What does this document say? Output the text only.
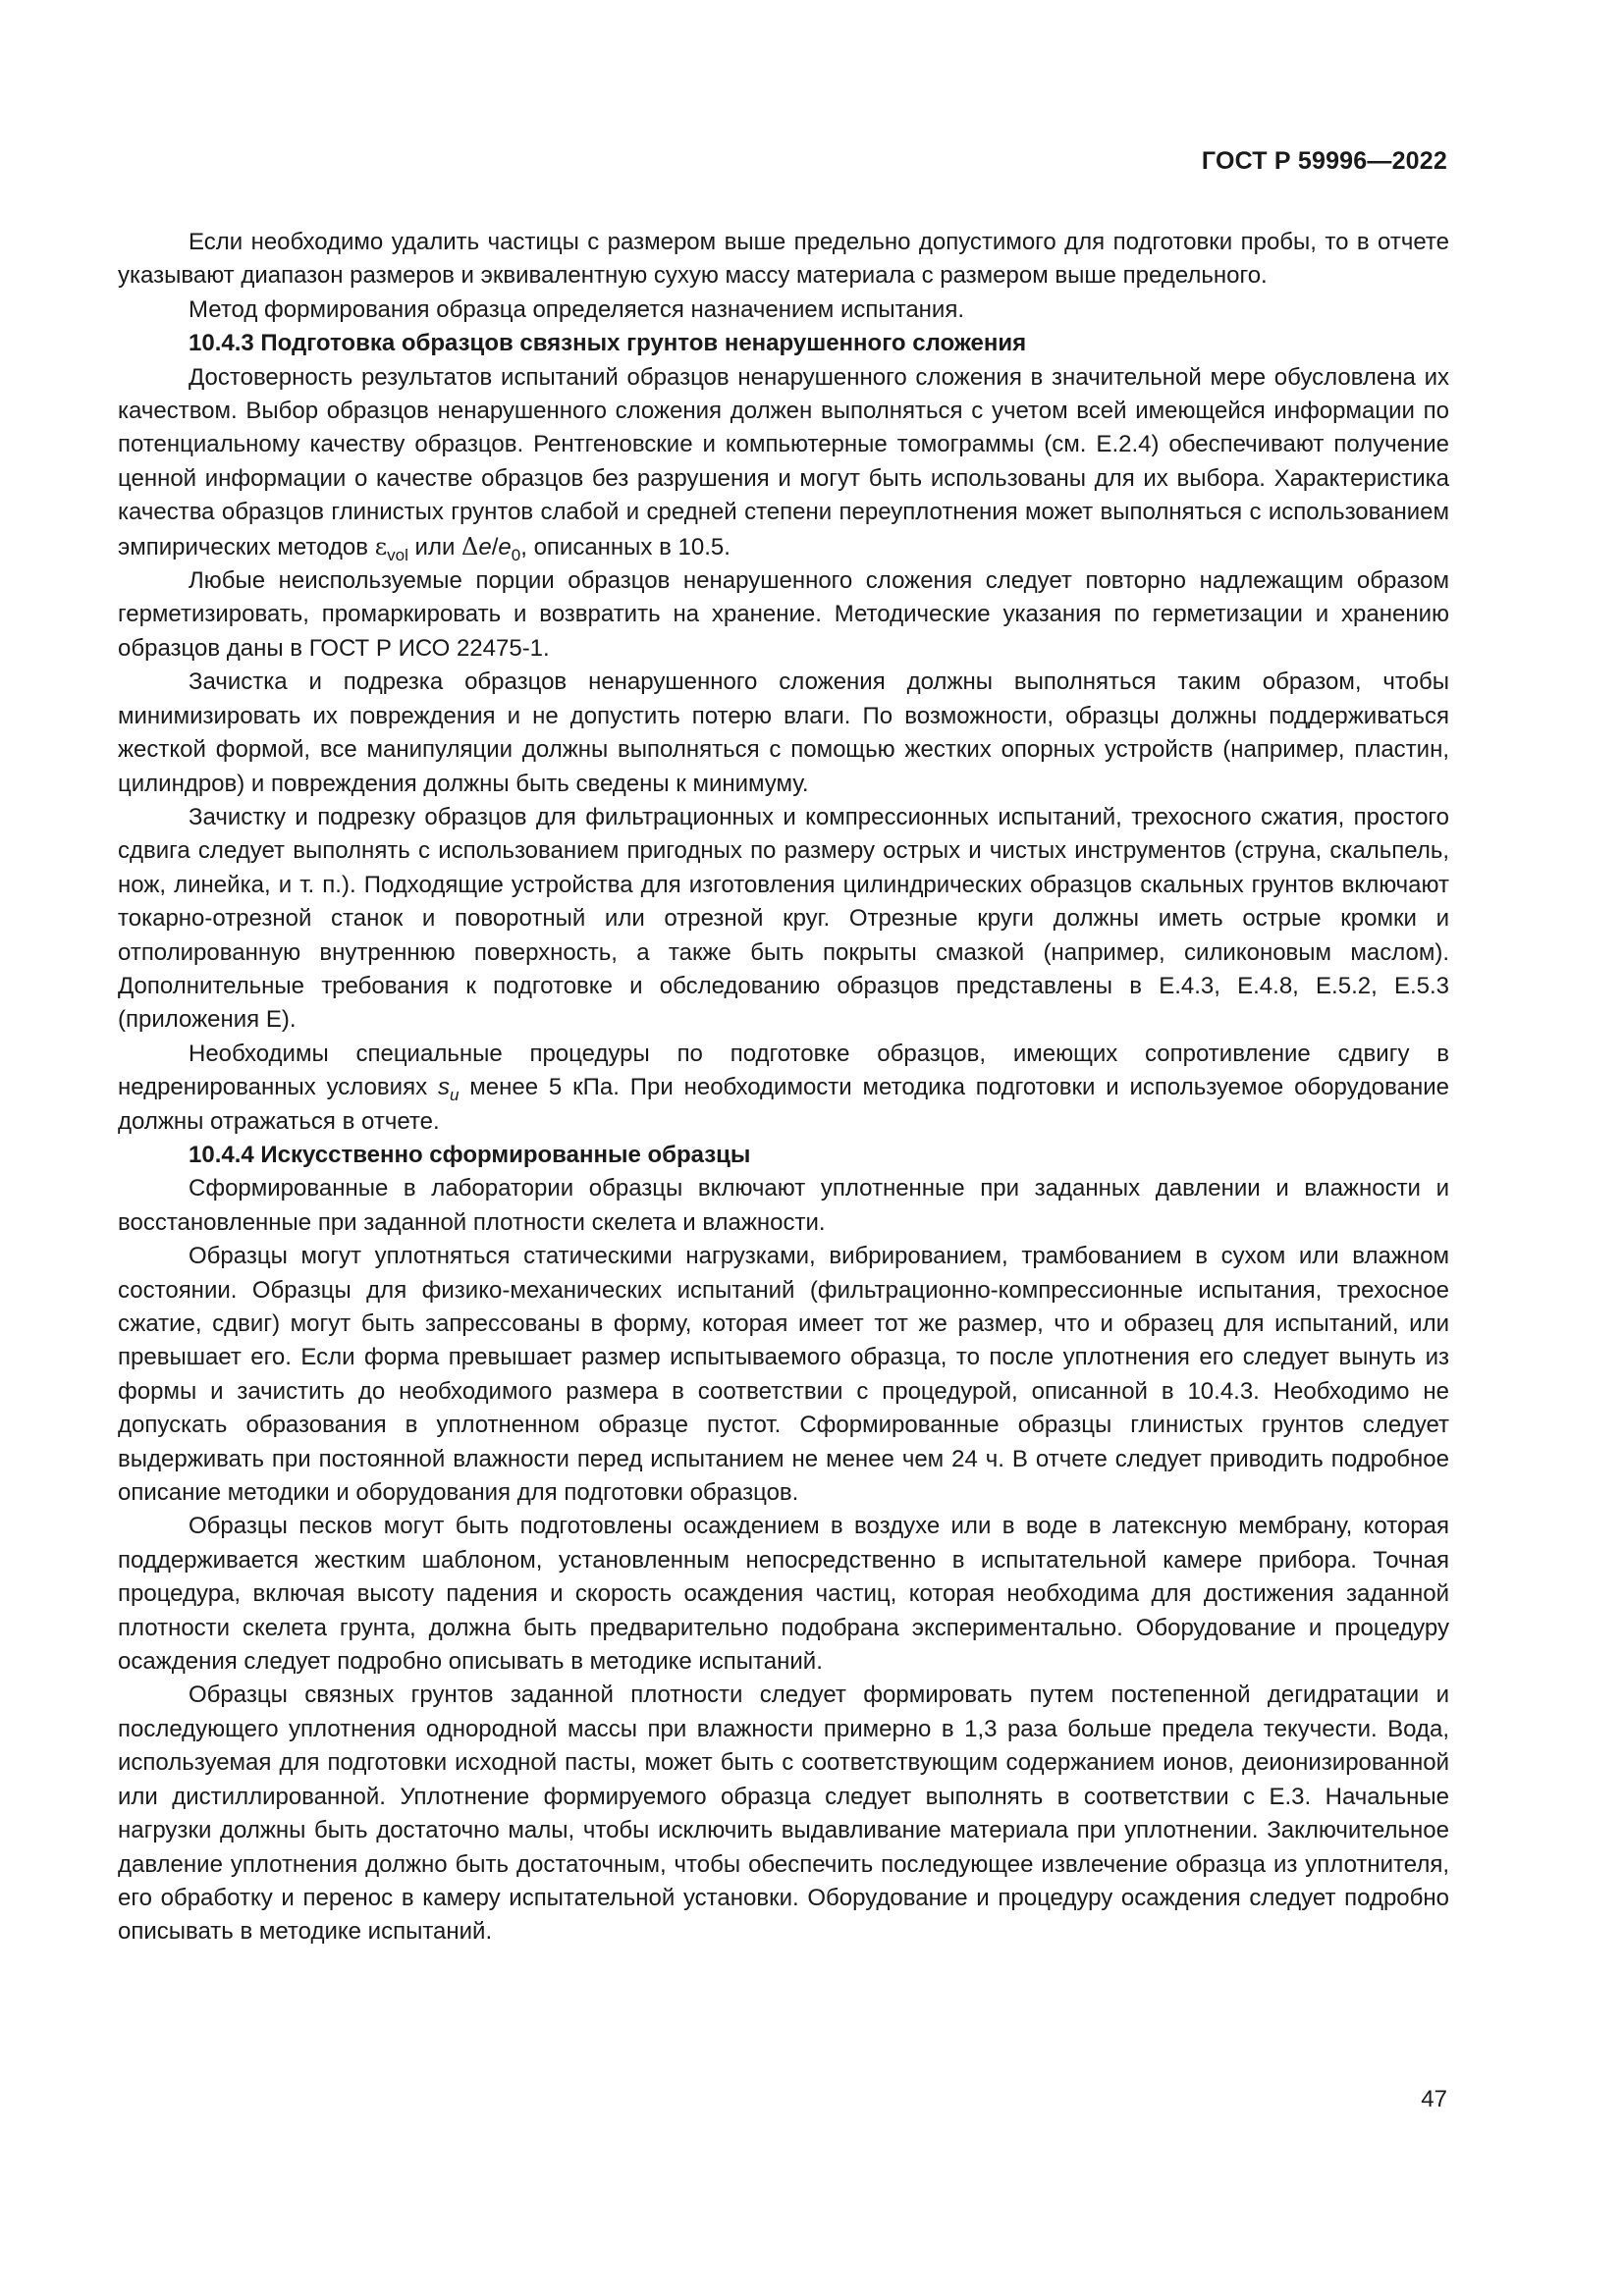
ГОСТ Р 59996—2022

Если необходимо удалить частицы с размером выше предельно допустимого для подготовки пробы, то в отчете указывают диапазон размеров и эквивалентную сухую массу материала с размером выше предельного.

Метод формирования образца определяется назначением испытания.

10.4.3 Подготовка образцов связных грунтов ненарушенного сложения

Достоверность результатов испытаний образцов ненарушенного сложения в значительной мере обусловлена их качеством. Выбор образцов ненарушенного сложения должен выполняться с учетом всей имеющейся информации по потенциальному качеству образцов. Рентгеновские и компьютерные томограммы (см. Е.2.4) обеспечивают получение ценной информации о качестве образцов без разрушения и могут быть использованы для их выбора. Характеристика качества образцов глинистых грунтов слабой и средней степени переуплотнения может выполняться с использованием эмпирических методов $\varepsilon_{vol}$ или $\Delta e/e_0$, описанных в 10.5.

Любые неиспользуемые порции образцов ненарушенного сложения следует повторно надлежащим образом герметизировать, промаркировать и возвратить на хранение. Методические указания по герметизации и хранению образцов даны в ГОСТ Р ИСО 22475-1.

Зачистка и подрезка образцов ненарушенного сложения должны выполняться таким образом, чтобы минимизировать их повреждения и не допустить потерю влаги. По возможности, образцы должны поддерживаться жесткой формой, все манипуляции должны выполняться с помощью жестких опорных устройств (например, пластин, цилиндров) и повреждения должны быть сведены к минимуму.

Зачистку и подрезку образцов для фильтрационных и компрессионных испытаний, трехосного сжатия, простого сдвига следует выполнять с использованием пригодных по размеру острых и чистых инструментов (струна, скальпель, нож, линейка, и т. п.). Подходящие устройства для изготовления цилиндрических образцов скальных грунтов включают токарно-отрезной станок и поворотный или отрезной круг. Отрезные круги должны иметь острые кромки и отполированную внутреннюю поверхность, а также быть покрыты смазкой (например, силиконовым маслом). Дополнительные требования к подготовке и обследованию образцов представлены в Е.4.3, Е.4.8, Е.5.2, Е.5.3 (приложения Е).

Необходимы специальные процедуры по подготовке образцов, имеющих сопротивление сдвигу в недренированных условиях $s_u$ менее 5 кПа. При необходимости методика подготовки и используемое оборудование должны отражаться в отчете.

10.4.4 Искусственно сформированные образцы

Сформированные в лаборатории образцы включают уплотненные при заданных давлении и влажности и восстановленные при заданной плотности скелета и влажности.

Образцы могут уплотняться статическими нагрузками, вибрированием, трамбованием в сухом или влажном состоянии. Образцы для физико-механических испытаний (фильтрационно-компрессионные испытания, трехосное сжатие, сдвиг) могут быть запрессованы в форму, которая имеет тот же размер, что и образец для испытаний, или превышает его. Если форма превышает размер испытываемого образца, то после уплотнения его следует вынуть из формы и зачистить до необходимого размера в соответствии с процедурой, описанной в 10.4.3. Необходимо не допускать образования в уплотненном образце пустот. Сформированные образцы глинистых грунтов следует выдерживать при постоянной влажности перед испытанием не менее чем 24 ч. В отчете следует приводить подробное описание методики и оборудования для подготовки образцов.

Образцы песков могут быть подготовлены осаждением в воздухе или в воде в латексную мембрану, которая поддерживается жестким шаблоном, установленным непосредственно в испытательной камере прибора. Точная процедура, включая высоту падения и скорость осаждения частиц, которая необходима для достижения заданной плотности скелета грунта, должна быть предварительно подобрана экспериментально. Оборудование и процедуру осаждения следует подробно описывать в методике испытаний.

Образцы связных грунтов заданной плотности следует формировать путем постепенной дегидратации и последующего уплотнения однородной массы при влажности примерно в 1,3 раза больше предела текучести. Вода, используемая для подготовки исходной пасты, может быть с соответствующим содержанием ионов, деионизированной или дистиллированной. Уплотнение формируемого образца следует выполнять в соответствии с Е.3. Начальные нагрузки должны быть достаточно малы, чтобы исключить выдавливание материала при уплотнении. Заключительное давление уплотнения должно быть достаточным, чтобы обеспечить последующее извлечение образца из уплотнителя, его обработку и перенос в камеру испытательной установки. Оборудование и процедуру осаждения следует подробно описывать в методике испытаний.

47
